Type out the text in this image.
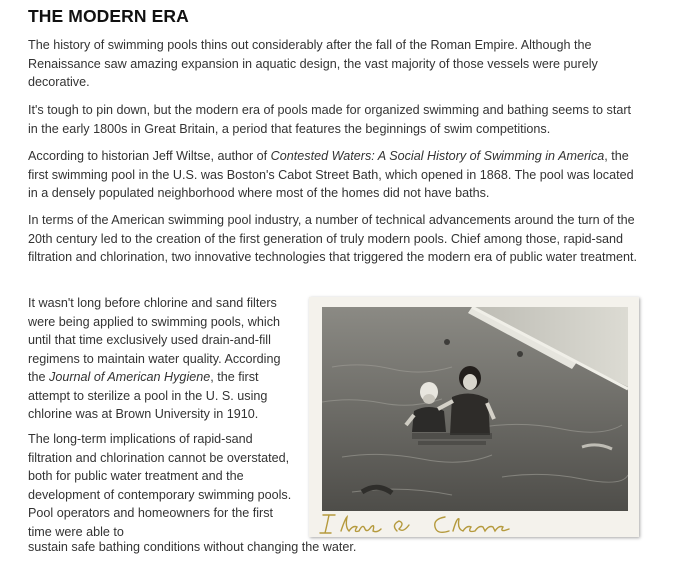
THE MODERN ERA

The history of swimming pools thins out considerably after the fall of the Roman Empire. Although the Renaissance saw amazing expansion in aquatic design, the vast majority of those vessels were purely decorative.

It's tough to pin down, but the modern era of pools made for organized swimming and bathing seems to start in the early 1800s in Great Britain, a period that features the beginnings of swim competitions.

According to historian Jeff Wiltse, author of Contested Waters: A Social History of Swimming in America, the first swimming pool in the U.S. was Boston's Cabot Street Bath, which opened in 1868. The pool was located in a densely populated neighborhood where most of the homes did not have baths.

In terms of the American swimming pool industry, a number of technical advancements around the turn of the 20th century led to the creation of the first generation of truly modern pools. Chief among those, rapid-sand filtration and chlorination, two innovative technologies that triggered the modern era of public water treatment.

It wasn't long before chlorine and sand filters were being applied to swimming pools, which until that time exclusively used drain-and-fill regimens to maintain water quality. According the Journal of American Hygiene, the first attempt to sterilize a pool in the U. S. using chlorine was at Brown University in 1910.

The long-term implications of rapid-sand filtration and chlorination cannot be overstated, both for public water treatment and the development of contemporary swimming pools. Pool operators and homeowners for the first time were able to

sustain safe bathing conditions without changing the water.
